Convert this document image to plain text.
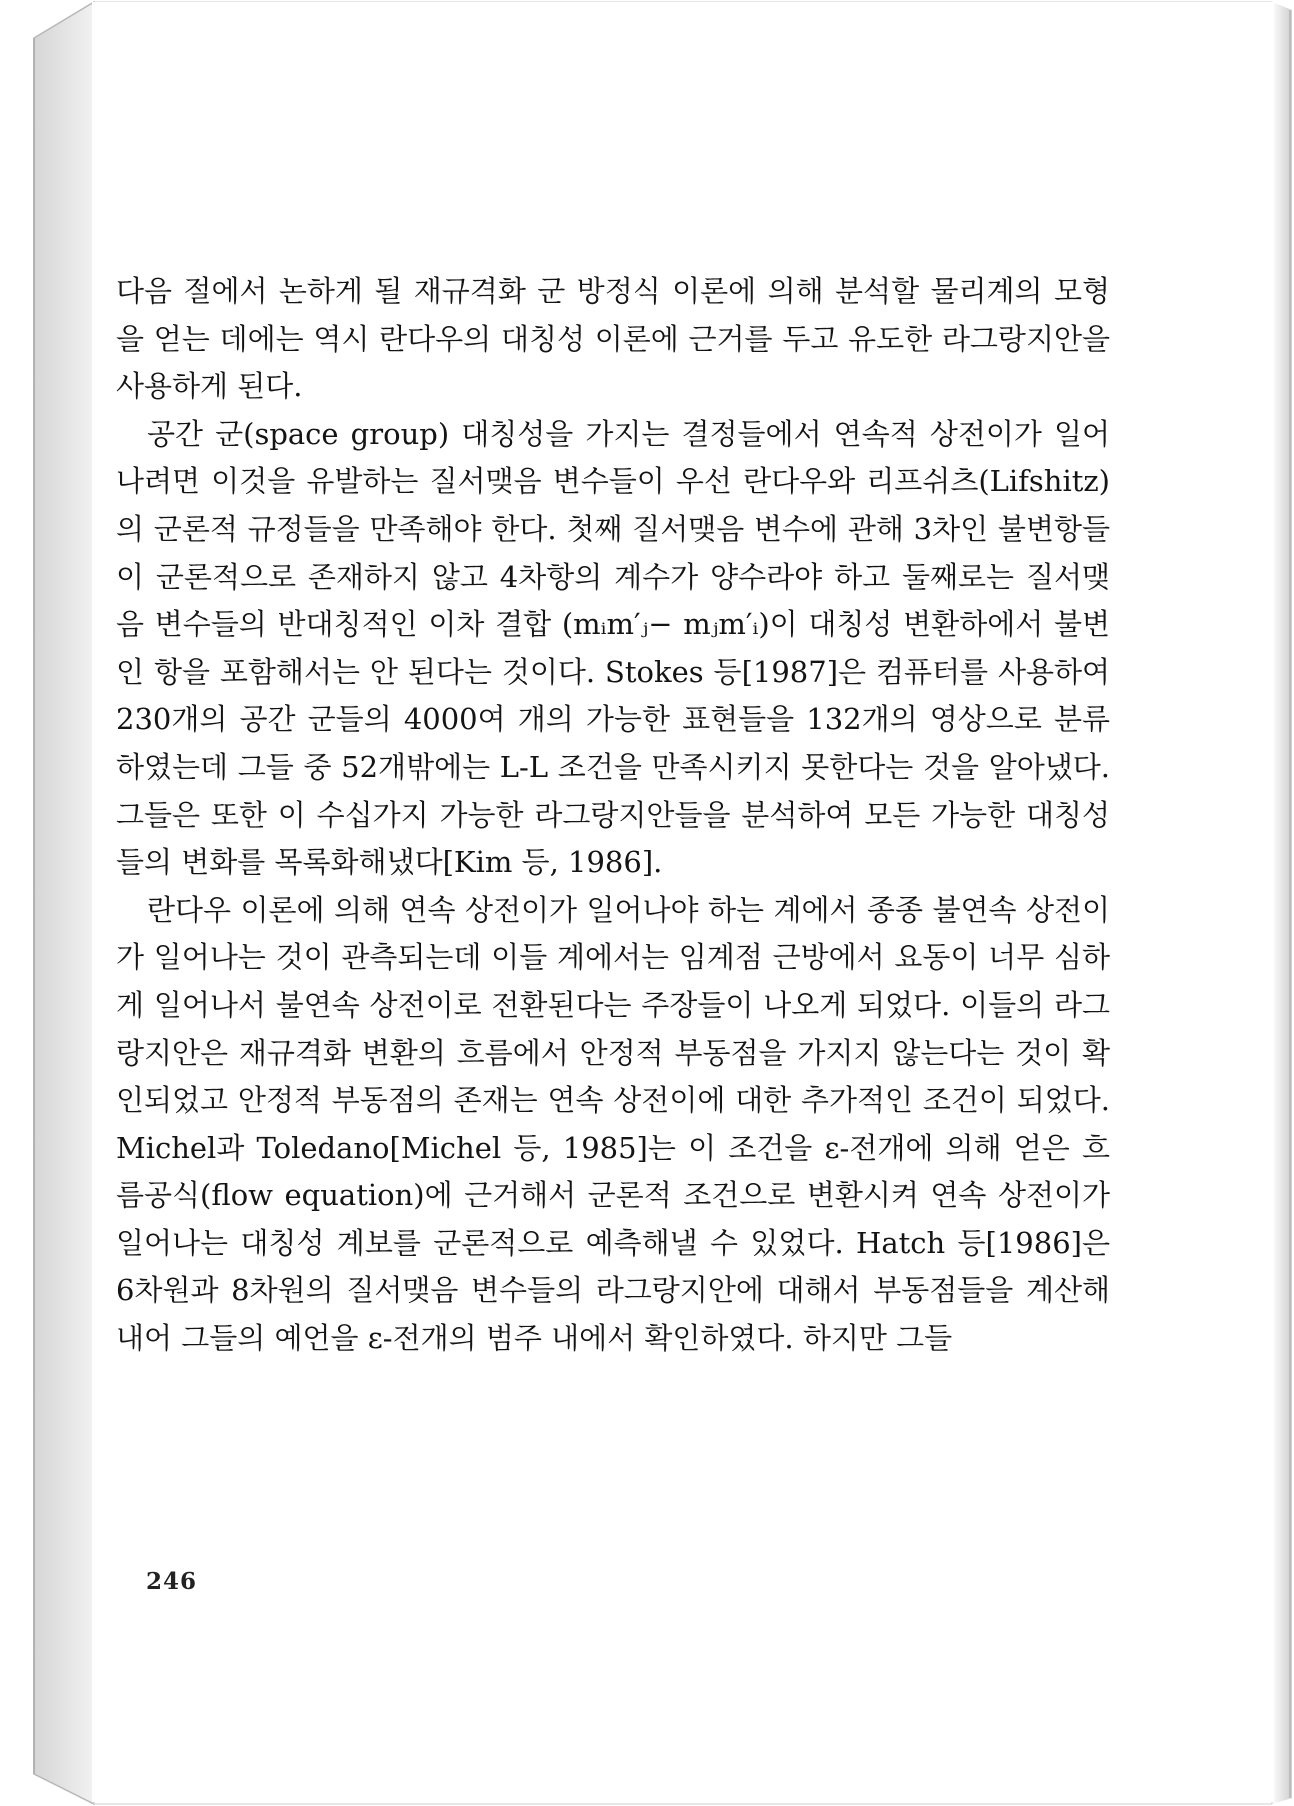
다음 절에서 논하게 될 재규격화 군 방정식 이론에 의해 분석할 물리계의 모형을 얻는 데에는 역시 란다우의 대칭성 이론에 근거를 두고 유도한 라그랑지안을 사용하게 된다.

공간 군(space group) 대칭성을 가지는 결정들에서 연속적 상전이가 일어나려면 이것을 유발하는 질서맺음 변수들이 우선 란다우와 리프쉬츠(Lifshitz)의 군론적 규정들을 만족해야 한다. 첫째 질서맺음 변수에 관해 3차인 불변항들이 군론적으로 존재하지 않고 4차항의 계수가 양수라야 하고 둘째로는 질서맺음 변수들의 반대칭적인 이차 결합 (mᵢm′ⱼ− mⱼm′ᵢ)이 대칭성 변환하에서 불변인 항을 포함해서는 안 된다는 것이다. Stokes 등[1987]은 컴퓨터를 사용하여 230개의 공간 군들의 4000여 개의 가능한 표현들을 132개의 영상으로 분류하였는데 그들 중 52개밖에는 L-L 조건을 만족시키지 못한다는 것을 알아냈다. 그들은 또한 이 수십가지 가능한 라그랑지안들을 분석하여 모든 가능한 대칭성들의 변화를 목록화해냈다[Kim 등, 1986].

란다우 이론에 의해 연속 상전이가 일어나야 하는 계에서 종종 불연속 상전이가 일어나는 것이 관측되는데 이들 계에서는 임계점 근방에서 요동이 너무 심하게 일어나서 불연속 상전이로 전환된다는 주장들이 나오게 되었다. 이들의 라그랑지안은 재규격화 변환의 흐름에서 안정적 부동점을 가지지 않는다는 것이 확인되었고 안정적 부동점의 존재는 연속 상전이에 대한 추가적인 조건이 되었다. Michel과 Toledano[Michel 등, 1985]는 이 조건을 ε-전개에 의해 얻은 흐름공식(flow equation)에 근거해서 군론적 조건으로 변환시켜 연속 상전이가 일어나는 대칭성 계보를 군론적으로 예측해낼 수 있었다. Hatch 등[1986]은 6차원과 8차원의 질서맺음 변수들의 라그랑지안에 대해서 부동점들을 계산해 내어 그들의 예언을 ε-전개의 범주 내에서 확인하였다. 하지만 그들

246
